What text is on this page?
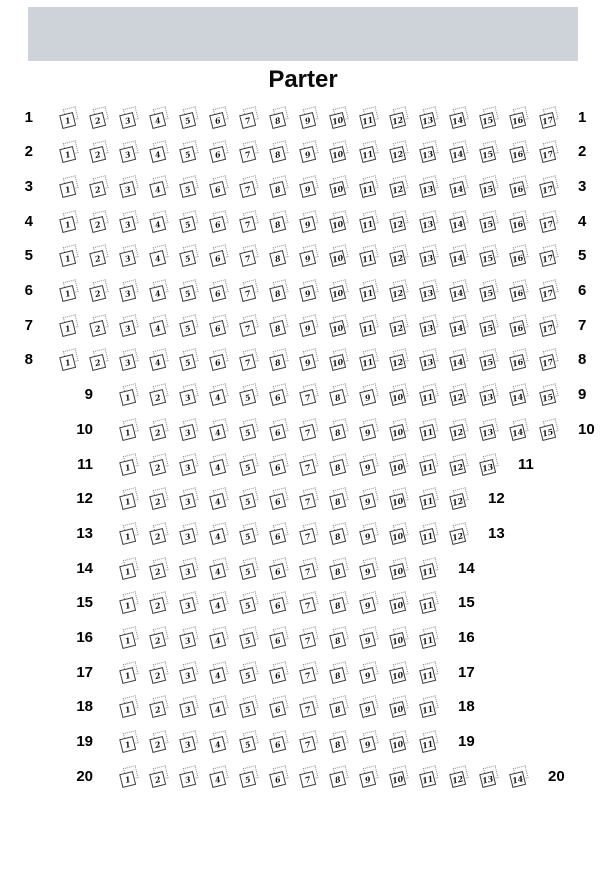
Parter
1	1	2	3	4	5	6	7	8	9	10 11 12 13 14 15 16 17 1
2	1	2	3	4	5	6	7	8	9	10 11 12 13 14 15 16 17 2
3	1	2	3	4	5	6	7	8	9	10 11 12 13 14 15 16 17 3
4	1	2	3	4	5	6	7	8	9	10 11 12 13 14 15 16 17 4
5	1	2	3	4	5	6	7	8	9	10 11 12 13 14 15 16 17 5
6	1	2	3	4	5	6	7	8	9	10 11 12 13 14 15 16 17 6
7	1	2	3	4	5	6	7	8	9	10 11 12 13 14 15 16 17 7
8	1	2	3	4	5	6	7	8	9	10 11 12 13 14 15 16 17 8
9	1	2	3	4	5	6	7	8	9	10 11 12 13 14 15 9
10	1	2	3	4	5	6	7	8	9	10 11 12 13 14 15 10
11	1	2	3	4	5	6	7	8	9	10 11 12 13 11
12	1	2	3	4	5	6	7	8	9	10 11 12 12
13	1	2	3	4	5	6	7	8	9	10 11 12 13
14	1	2	3	4	5	6	7	8	9	10 11 14
15	1	2	3	4	5	6	7	8	9	10 11 15
16	1	2	3	4	5	6	7	8	9	10 11 16
17	1	2	3	4	5	6	7	8	9	10 11 17
18	1	2	3	4	5	6	7	8	9	10 11 18
19	1	2	3	4	5	6	7	8	9	10 11 19
20	1	2	3	4	5	6	7	8	9	10 11 12 13 14 20
